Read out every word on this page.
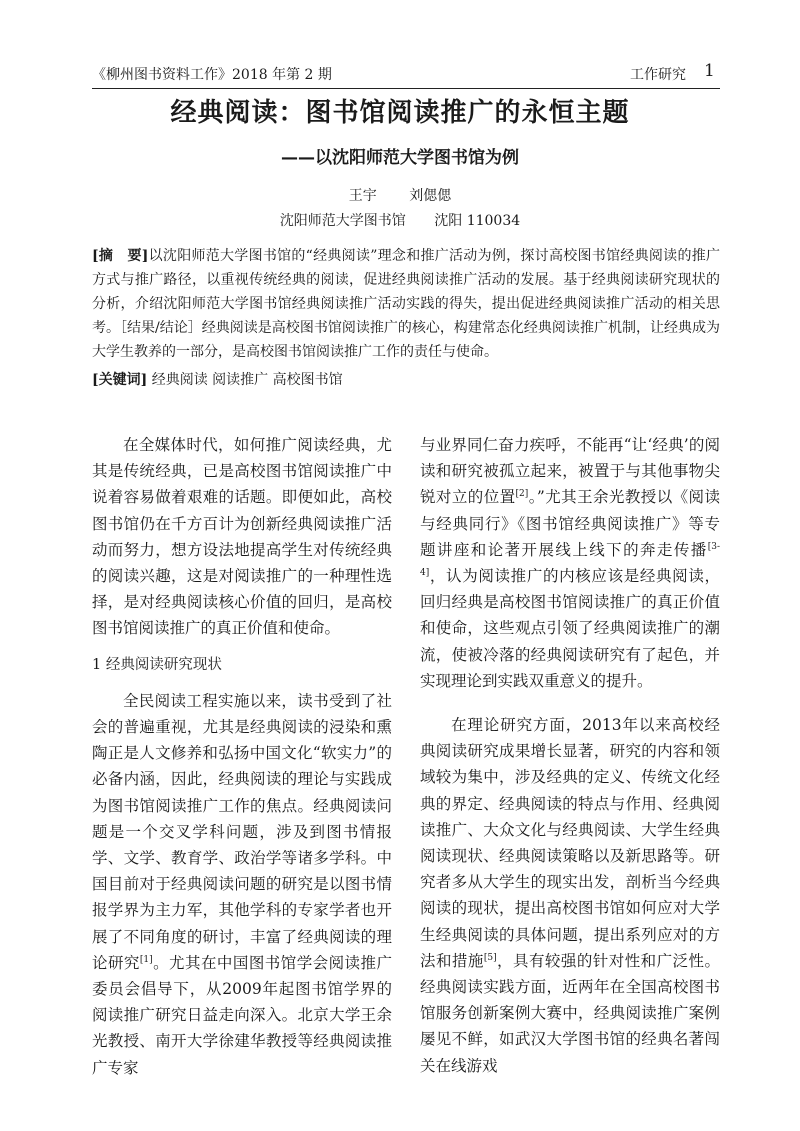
《柳州图书资料工作》2018 年第 2 期	工作研究 1
经典阅读：图书馆阅读推广的永恒主题
——以沈阳师范大学图书馆为例
王宇 刘偲偲
沈阳师范大学图书馆 沈阳 110034
[摘　要]以沈阳师范大学图书馆的“经典阅读”理念和推广活动为例，探讨高校图书馆经典阅读的推广方式与推广路径，以重视传统经典的阅读，促进经典阅读推广活动的发展。基于经典阅读研究现状的分析，介绍沈阳师范大学图书馆经典阅读推广活动实践的得失，提出促进经典阅读推广活动的相关思考。［结果/结论］经典阅读是高校图书馆阅读推广的核心，构建常态化经典阅读推广机制，让经典成为大学生教养的一部分，是高校图书馆阅读推广工作的责任与使命。
[关键词] 经典阅读 阅读推广 高校图书馆

在全媒体时代，如何推广阅读经典，尤其是传统经典，已是高校图书馆阅读推广中说着容易做着艰难的话题。即便如此，高校图书馆仍在千方百计为创新经典阅读推广活动而努力，想方设法地提高学生对传统经典的阅读兴趣，这是对阅读推广的一种理性选择，是对经典阅读核心价值的回归，是高校图书馆阅读推广的真正价值和使命。

1 经典阅读研究现状

全民阅读工程实施以来，读书受到了社会的普遍重视，尤其是经典阅读的浸染和熏陶正是人文修养和弘扬中国文化“软实力”的必备内涵，因此，经典阅读的理论与实践成为图书馆阅读推广工作的焦点。经典阅读问题是一个交叉学科问题，涉及到图书情报学、文学、教育学、政治学等诸多学科。中国目前对于经典阅读问题的研究是以图书情报学界为主力军，其他学科的专家学者也开展了不同角度的研讨，丰富了经典阅读的理论研究[1]。尤其在中国图书馆学会阅读推广委员会倡导下，从2009年起图书馆学界的阅读推广研究日益走向深入。北京大学王余光教授、南开大学徐建华教授等经典阅读推广专家

与业界同仁奋力疾呼，不能再“让‘经典’的阅读和研究被孤立起来，被置于与其他事物尖锐对立的位置[2]。”尤其王余光教授以《阅读与经典同行》《图书馆经典阅读推广》等专题讲座和论著开展线上线下的奔走传播[3-4]，认为阅读推广的内核应该是经典阅读，回归经典是高校图书馆阅读推广的真正价值和使命，这些观点引领了经典阅读推广的潮流，使被冷落的经典阅读研究有了起色，并实现理论到实践双重意义的提升。

在理论研究方面，2013年以来高校经典阅读研究成果增长显著，研究的内容和领域较为集中，涉及经典的定义、传统文化经典的界定、经典阅读的特点与作用、经典阅读推广、大众文化与经典阅读、大学生经典阅读现状、经典阅读策略以及新思路等。研究者多从大学生的现实出发，剖析当今经典阅读的现状，提出高校图书馆如何应对大学生经典阅读的具体问题，提出系列应对的方法和措施[5]，具有较强的针对性和广泛性。经典阅读实践方面，近两年在全国高校图书馆服务创新案例大赛中，经典阅读推广案例屡见不鲜，如武汉大学图书馆的经典名著闯关在线游戏
